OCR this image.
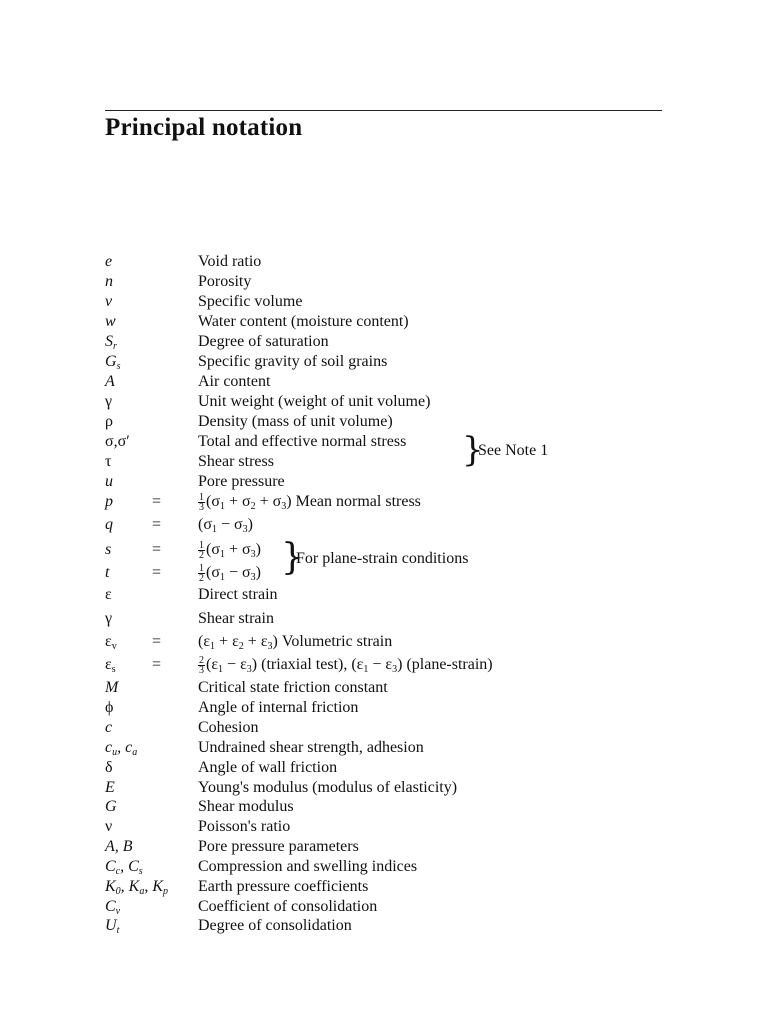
Principal notation
e	Void ratio
n	Porosity
v	Specific volume
w	Water content (moisture content)
$S_r$	Degree of saturation
$G_s$	Specific gravity of soil grains
A	Air content
γ	Unit weight (weight of unit volume)
ρ	Density (mass of unit volume)
σ,σ′	Total and effective normal stress
τ	Shear stress
u	Pore pressure
p =	$\frac{1}{3} (\sigma_1 + \sigma_2 + \sigma_3)$ Mean normal stress
$q = (\sigma_1 - \sigma_3)$
s	=	$\frac{1}{2} (\sigma_1 + \sigma_3)$
t	=	$\frac{1}{2} (\sigma_1 - \sigma_3)$
ε	Direct strain
γ	Shear strain
$\varepsilon_v = (\varepsilon_1 + \varepsilon_2 + \varepsilon_3)$ Volumetric strain
$\varepsilon_s$ =	$\frac{2}{3} (\varepsilon_1 - \varepsilon_3)$ (triaxial test), $(\varepsilon_1 - \varepsilon_3)$ (plane-strain)
M	Critical state friction constant
ϕ	Angle of internal friction
c	Cohesion
$c_u$, $c_a$	Undrained shear strength, adhesion
δ	Angle of wall friction
E	Young's modulus (modulus of elasticity)
G	Shear modulus
ν	Poisson's ratio
A, B	Pore pressure parameters
$C_c$, $C_s$	Compression and swelling indices
$K_0$, $K_a$, $K_p$ Earth pressure coefficients
$C_v$	Coefficient of consolidation
$U_t$	Degree of consolidation
}
See Note 1
}
For plane-strain conditions
